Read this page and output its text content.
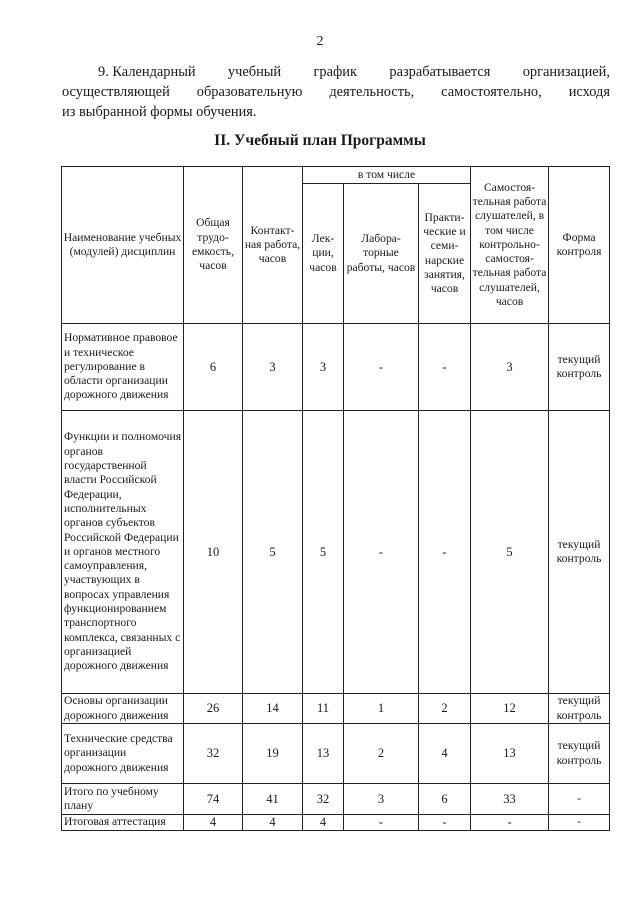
2
9. Календарный учебный график разрабатывается организацией,
осуществляющей образовательную деятельность, самостоятельно, исходя
из выбранной формы обучения.
II. Учебный план Программы
Наименование учебных (модулей) дисциплин	Общая трудо-емкость, часов	Контакт-ная работа, часов	в том числе			Самостоя-тельная работа слушателей, в том числе контрольно-самостоя-тельная работа слушателей, часов	Форма контроля
			Лек-ции, часов	Лабора-торные работы, часов	Практи-ческие и семи-нарские занятия, часов		
Нормативное правовое и техническое регулирование в области организации дорожного движения	6	3	3	-	-	3	текущий контроль
Функции и полномочия органов государственной власти Российской Федерации, исполнительных органов субъектов Российской Федерации и органов местного самоуправления, участвующих в вопросах управления функционированием транспортного комплекса, связанных с организацией дорожного движения	10	5	5	-	-	5	текущий контроль
Основы организации дорожного движения	26	14	11	1	2	12	текущий контроль
Технические средства организации дорожного движения	32	19	13	2	4	13	текущий контроль
Итого по учебному плану	74	41	32	3	6	33	-
Итоговая аттестация	4	4	4	-	-	-	-
